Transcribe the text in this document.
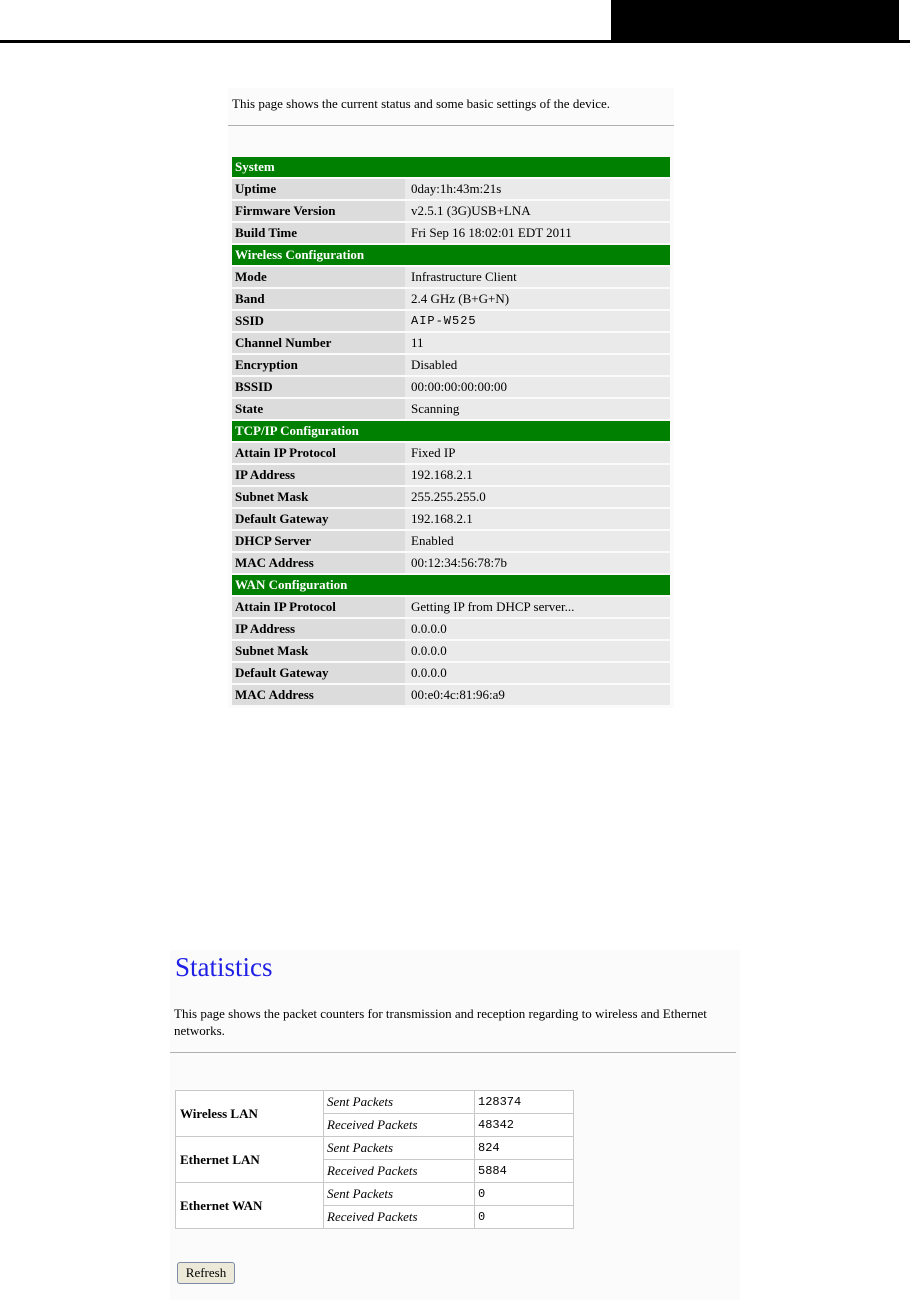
This page shows the current status and some basic settings of the device.
System	
Uptime	0day:1h:43m:21s
Firmware Version	v2.5.1 (3G)USB+LNA
Build Time	Fri Sep 16 18:02:01 EDT 2011
Wireless Configuration	
Mode	Infrastructure Client
Band	2.4 GHz (B+G+N)
SSID	AIP-W525
Channel Number	11
Encryption	Disabled
BSSID	00:00:00:00:00:00
State	Scanning
TCP/IP Configuration	
Attain IP Protocol	Fixed IP
IP Address	192.168.2.1
Subnet Mask	255.255.255.0
Default Gateway	192.168.2.1
DHCP Server	Enabled
MAC Address	00:12:34:56:78:7b
WAN Configuration	
Attain IP Protocol	Getting IP from DHCP server...
IP Address	0.0.0.0
Subnet Mask	0.0.0.0
Default Gateway	0.0.0.0
MAC Address	00:e0:4c:81:96:a9
Statistics
This page shows the packet counters for transmission and reception regarding to wireless and Ethernet networks.
Wireless LAN	Sent Packets	128374
	Received Packets	48342
Ethernet LAN	Sent Packets	824
	Received Packets	5884
Ethernet WAN	Sent Packets	0
	Received Packets	0
Refresh
